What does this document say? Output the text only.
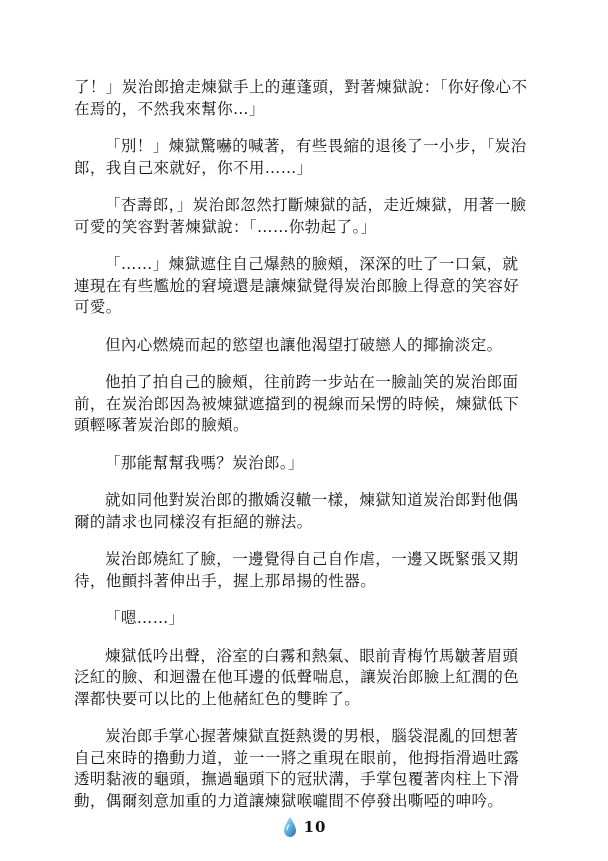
了！」炭治郎搶走煉獄手上的蓮蓬頭，對著煉獄說：「你好像心不在焉的，不然我來幫你…」

「別！」煉獄驚嚇的喊著，有些畏縮的退後了一小步，「炭治郎，我自己來就好，你不用……」

「杏壽郎，」炭治郎忽然打斷煉獄的話，走近煉獄，用著一臉可愛的笑容對著煉獄說：「……你勃起了。」

「……」煉獄遮住自己爆熱的臉頰，深深的吐了一口氣，就連現在有些尷尬的窘境還是讓煉獄覺得炭治郎臉上得意的笑容好可愛。

但內心燃燒而起的慾望也讓他渴望打破戀人的揶揄淡定。

他拍了拍自己的臉頰，往前跨一步站在一臉訕笑的炭治郎面前，在炭治郎因為被煉獄遮擋到的視線而呆愣的時候，煉獄低下頭輕啄著炭治郎的臉頰。

「那能幫幫我嗎？炭治郎。」

就如同他對炭治郎的撒嬌沒轍一樣，煉獄知道炭治郎對他偶爾的請求也同樣沒有拒絕的辦法。

炭治郎燒紅了臉，一邊覺得自己自作虐，一邊又既緊張又期待，他顫抖著伸出手，握上那昂揚的性器。

「嗯……」

煉獄低吟出聲，浴室的白霧和熱氣、眼前青梅竹馬皺著眉頭泛紅的臉、和迴盪在他耳邊的低聲喘息，讓炭治郎臉上紅潤的色澤都快要可以比的上他赭紅色的雙眸了。

炭治郎手掌心握著煉獄直挺熱燙的男根，腦袋混亂的回想著自己來時的擼動力道，並一一將之重現在眼前，他拇指滑過吐露透明黏液的龜頭，撫過龜頭下的冠狀溝，手掌包覆著肉柱上下滑動，偶爾刻意加重的力道讓煉獄喉嚨間不停發出嘶啞的呻吟。

10
